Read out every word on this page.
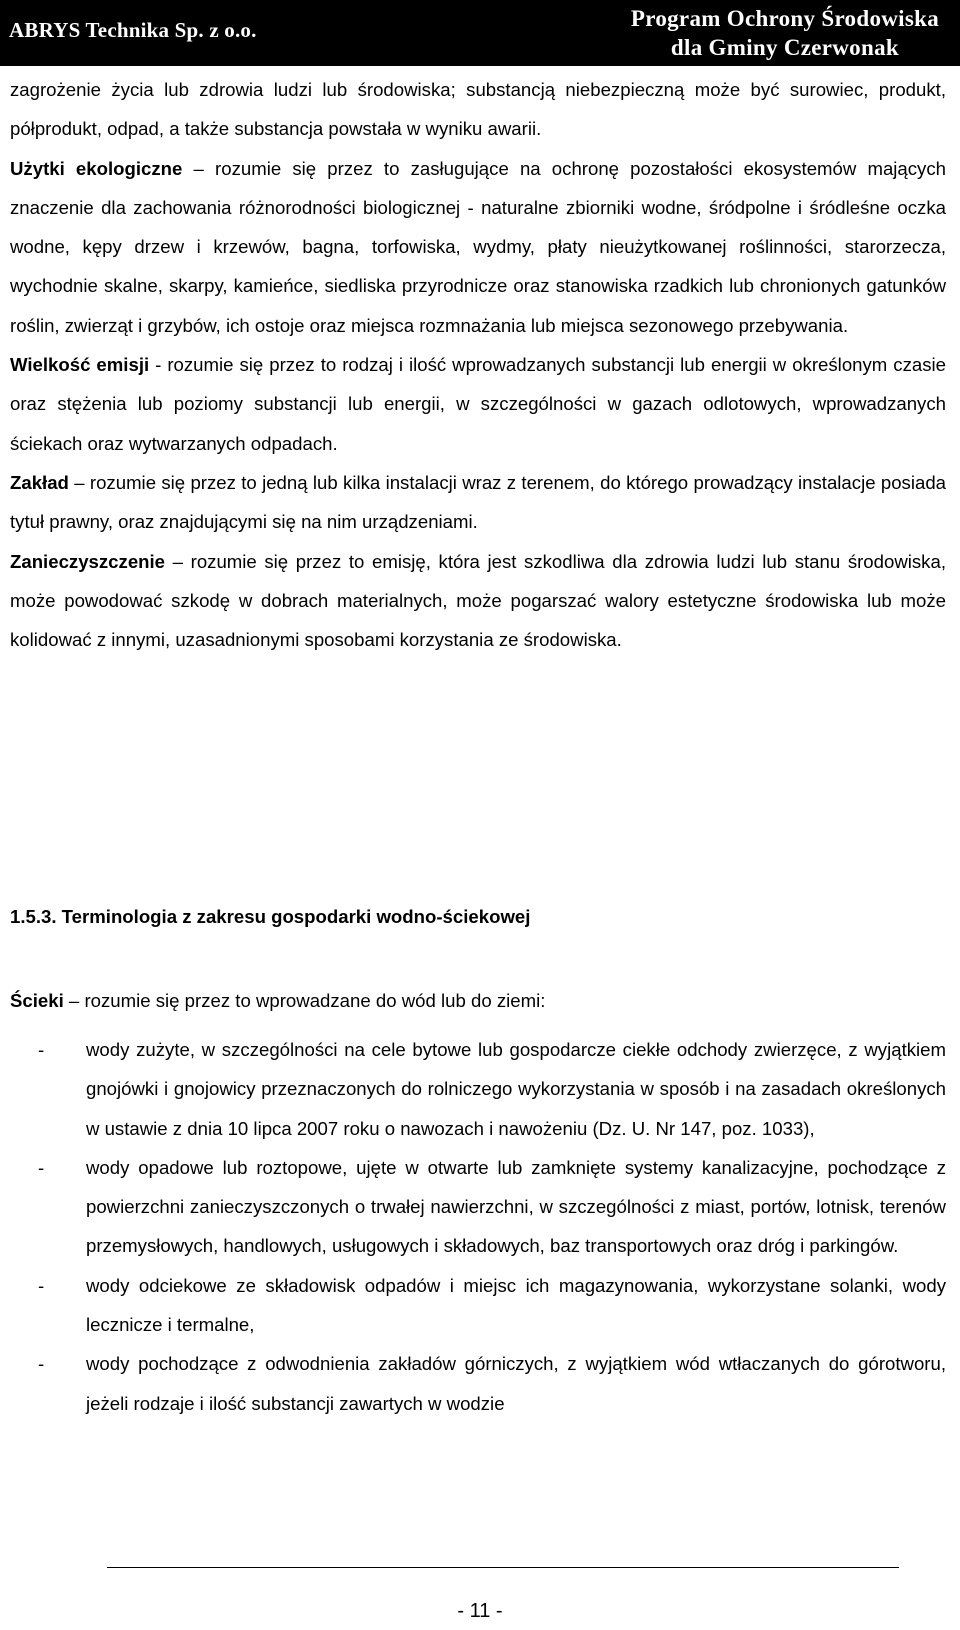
ABRYS Technika Sp. z o.o.	Program Ochrony Środowiska
dla Gminy Czerwonak

zagrożenie życia lub zdrowia ludzi lub środowiska; substancją niebezpieczną może być surowiec, produkt, półprodukt, odpad, a także substancja powstała w wyniku awarii.

Użytki ekologiczne – rozumie się przez to zasługujące na ochronę pozostałości ekosystemów mających znaczenie dla zachowania różnorodności biologicznej - naturalne zbiorniki wodne, śródpolne i śródleśne oczka wodne, kępy drzew i krzewów, bagna, torfowiska, wydmy, płaty nieużytkowanej roślinności, starorzecza, wychodnie skalne, skarpy, kamieńce, siedliska przyrodnicze oraz stanowiska rzadkich lub chronionych gatunków roślin, zwierząt i grzybów, ich ostoje oraz miejsca rozmnażania lub miejsca sezonowego przebywania.

Wielkość emisji - rozumie się przez to rodzaj i ilość wprowadzanych substancji lub energii w określonym czasie oraz stężenia lub poziomy substancji lub energii, w szczególności w gazach odlotowych, wprowadzanych ściekach oraz wytwarzanych odpadach.

Zakład – rozumie się przez to jedną lub kilka instalacji wraz z terenem, do którego prowadzący instalacje posiada tytuł prawny, oraz znajdującymi się na nim urządzeniami.

Zanieczyszczenie – rozumie się przez to emisję, która jest szkodliwa dla zdrowia ludzi lub stanu środowiska, może powodować szkodę w dobrach materialnych, może pogarszać walory estetyczne środowiska lub może kolidować z innymi, uzasadnionymi sposobami korzystania ze środowiska.

1.5.3. Terminologia z zakresu gospodarki wodno-ściekowej
Ścieki – rozumie się przez to wprowadzane do wód lub do ziemi:
- wody zużyte, w szczególności na cele bytowe lub gospodarcze ciekłe odchody zwierzęce, z wyjątkiem gnojówki i gnojowicy przeznaczonych do rolniczego wykorzystania w sposób i na zasadach określonych w ustawie z dnia 10 lipca 2007 roku o nawozach i nawożeniu (Dz. U. Nr 147, poz. 1033),
- wody opadowe lub roztopowe, ujęte w otwarte lub zamknięte systemy kanalizacyjne, pochodzące z powierzchni zanieczyszczonych o trwałej nawierzchni, w szczególności z miast, portów, lotnisk, terenów przemysłowych, handlowych, usługowych i składowych, baz transportowych oraz dróg i parkingów.
- wody odciekowe ze składowisk odpadów i miejsc ich magazynowania, wykorzystane solanki, wody lecznicze i termalne,
- wody pochodzące z odwodnienia zakładów górniczych, z wyjątkiem wód wtłaczanych do górotworu, jeżeli rodzaje i ilość substancji zawartych w wodzie
- 11 -
